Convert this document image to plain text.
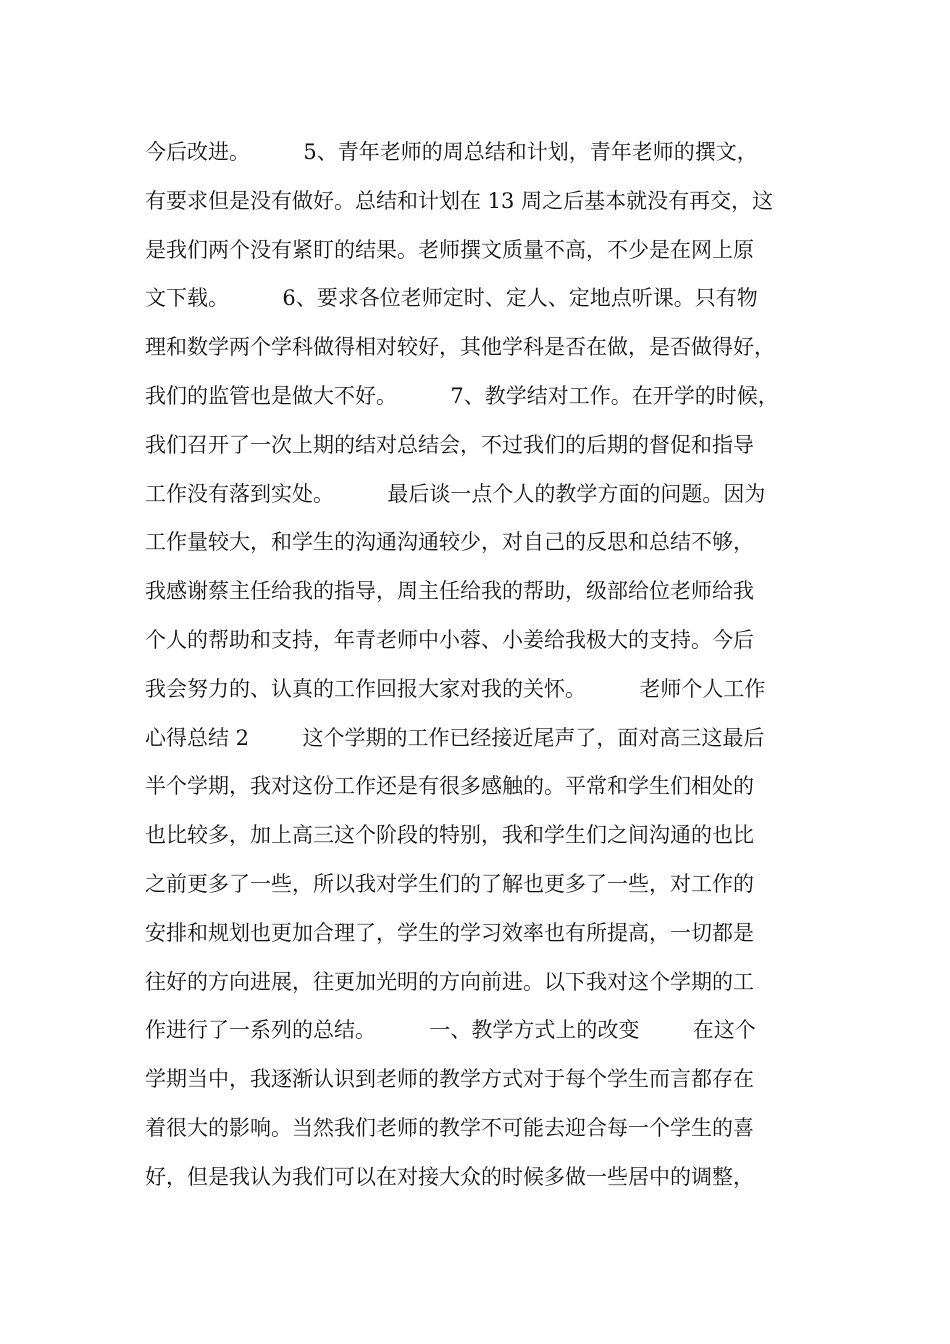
今后改进。        5、青年老师的周总结和计划，青年老师的撰文，
有要求但是没有做好。总结和计划在 13 周之后基本就没有再交，这
是我们两个没有紧盯的结果。老师撰文质量不高，不少是在网上原
文下载。        6、要求各位老师定时、定人、定地点听课。只有物
理和数学两个学科做得相对较好，其他学科是否在做，是否做得好，
我们的监管也是做大不好。        7、教学结对工作。在开学的时候，
我们召开了一次上期的结对总结会，不过我们的后期的督促和指导
工作没有落到实处。        最后谈一点个人的教学方面的问题。因为
工作量较大，和学生的沟通沟通较少，对自己的反思和总结不够，
我感谢蔡主任给我的指导，周主任给我的帮助，级部给位老师给我
个人的帮助和支持，年青老师中小蓉、小姜给我极大的支持。今后
我会努力的、认真的工作回报大家对我的关怀。        老师个人工作
心得总结 2        这个学期的工作已经接近尾声了，面对高三这最后
半个学期，我对这份工作还是有很多感触的。平常和学生们相处的
也比较多，加上高三这个阶段的特别，我和学生们之间沟通的也比
之前更多了一些，所以我对学生们的了解也更多了一些，对工作的
安排和规划也更加合理了，学生的学习效率也有所提高，一切都是
往好的方向进展，往更加光明的方向前进。以下我对这个学期的工
作进行了一系列的总结。        一、教学方式上的改变        在这个
学期当中，我逐渐认识到老师的教学方式对于每个学生而言都存在
着很大的影响。当然我们老师的教学不可能去迎合每一个学生的喜
好，但是我认为我们可以在对接大众的时候多做一些居中的调整，
